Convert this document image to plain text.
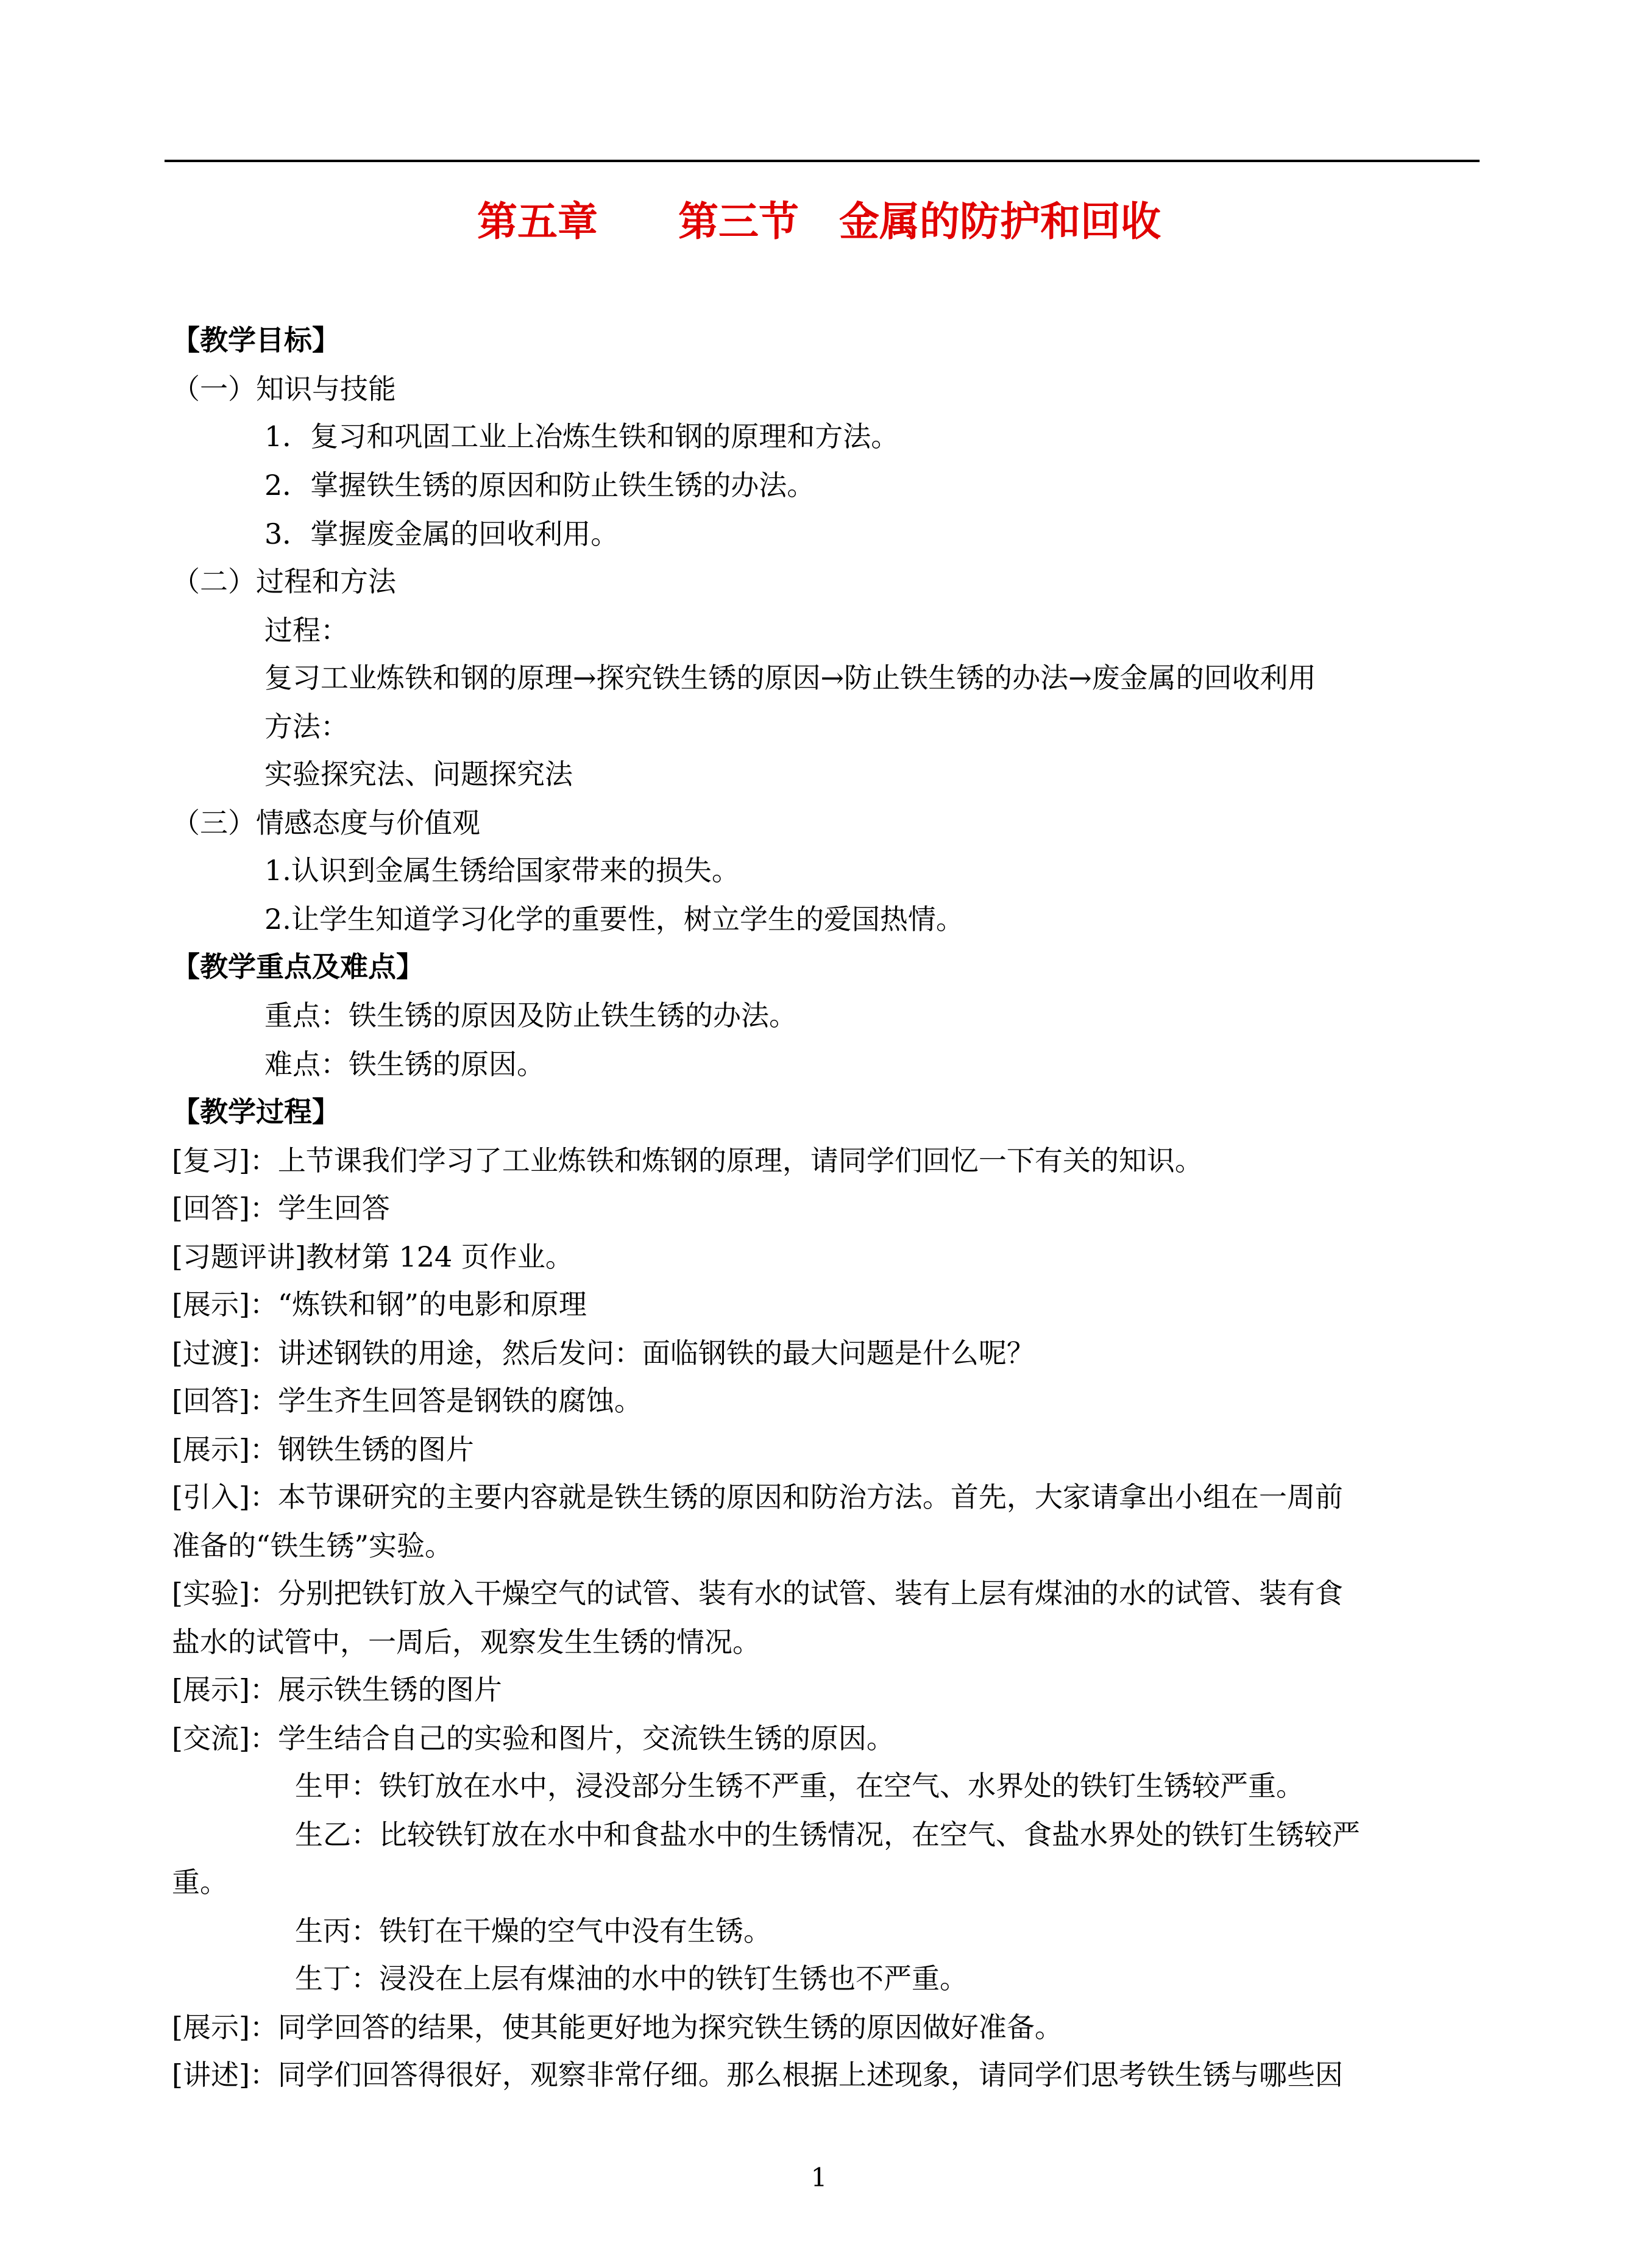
第五章　　第三节　金属的防护和回收
【教学目标】
（一）知识与技能
1．复习和巩固工业上冶炼生铁和钢的原理和方法。
2．掌握铁生锈的原因和防止铁生锈的办法。
3．掌握废金属的回收利用。
（二）过程和方法
过程：
复习工业炼铁和钢的原理→探究铁生锈的原因→防止铁生锈的办法→废金属的回收利用
方法：
实验探究法、问题探究法
（三）情感态度与价值观
1.认识到金属生锈给国家带来的损失。
2.让学生知道学习化学的重要性，树立学生的爱国热情。
【教学重点及难点】
重点：铁生锈的原因及防止铁生锈的办法。
难点：铁生锈的原因。
【教学过程】
[复习]：上节课我们学习了工业炼铁和炼钢的原理，请同学们回忆一下有关的知识。
[回答]：学生回答
[习题评讲]教材第 124 页作业。
[展示]：“炼铁和钢”的电影和原理
[过渡]：讲述钢铁的用途，然后发问：面临钢铁的最大问题是什么呢？
[回答]：学生齐生回答是钢铁的腐蚀。
[展示]：钢铁生锈的图片
[引入]：本节课研究的主要内容就是铁生锈的原因和防治方法。首先，大家请拿出小组在一周前
准备的“铁生锈”实验。
[实验]：分别把铁钉放入干燥空气的试管、装有水的试管、装有上层有煤油的水的试管、装有食
盐水的试管中，一周后，观察发生生锈的情况。
[展示]：展示铁生锈的图片
[交流]：学生结合自己的实验和图片，交流铁生锈的原因。
生甲：铁钉放在水中，浸没部分生锈不严重，在空气、水界处的铁钉生锈较严重。
生乙：比较铁钉放在水中和食盐水中的生锈情况，在空气、食盐水界处的铁钉生锈较严
重。
生丙：铁钉在干燥的空气中没有生锈。
生丁：浸没在上层有煤油的水中的铁钉生锈也不严重。
[展示]：同学回答的结果，使其能更好地为探究铁生锈的原因做好准备。
[讲述]：同学们回答得很好，观察非常仔细。那么根据上述现象，请同学们思考铁生锈与哪些因
1
